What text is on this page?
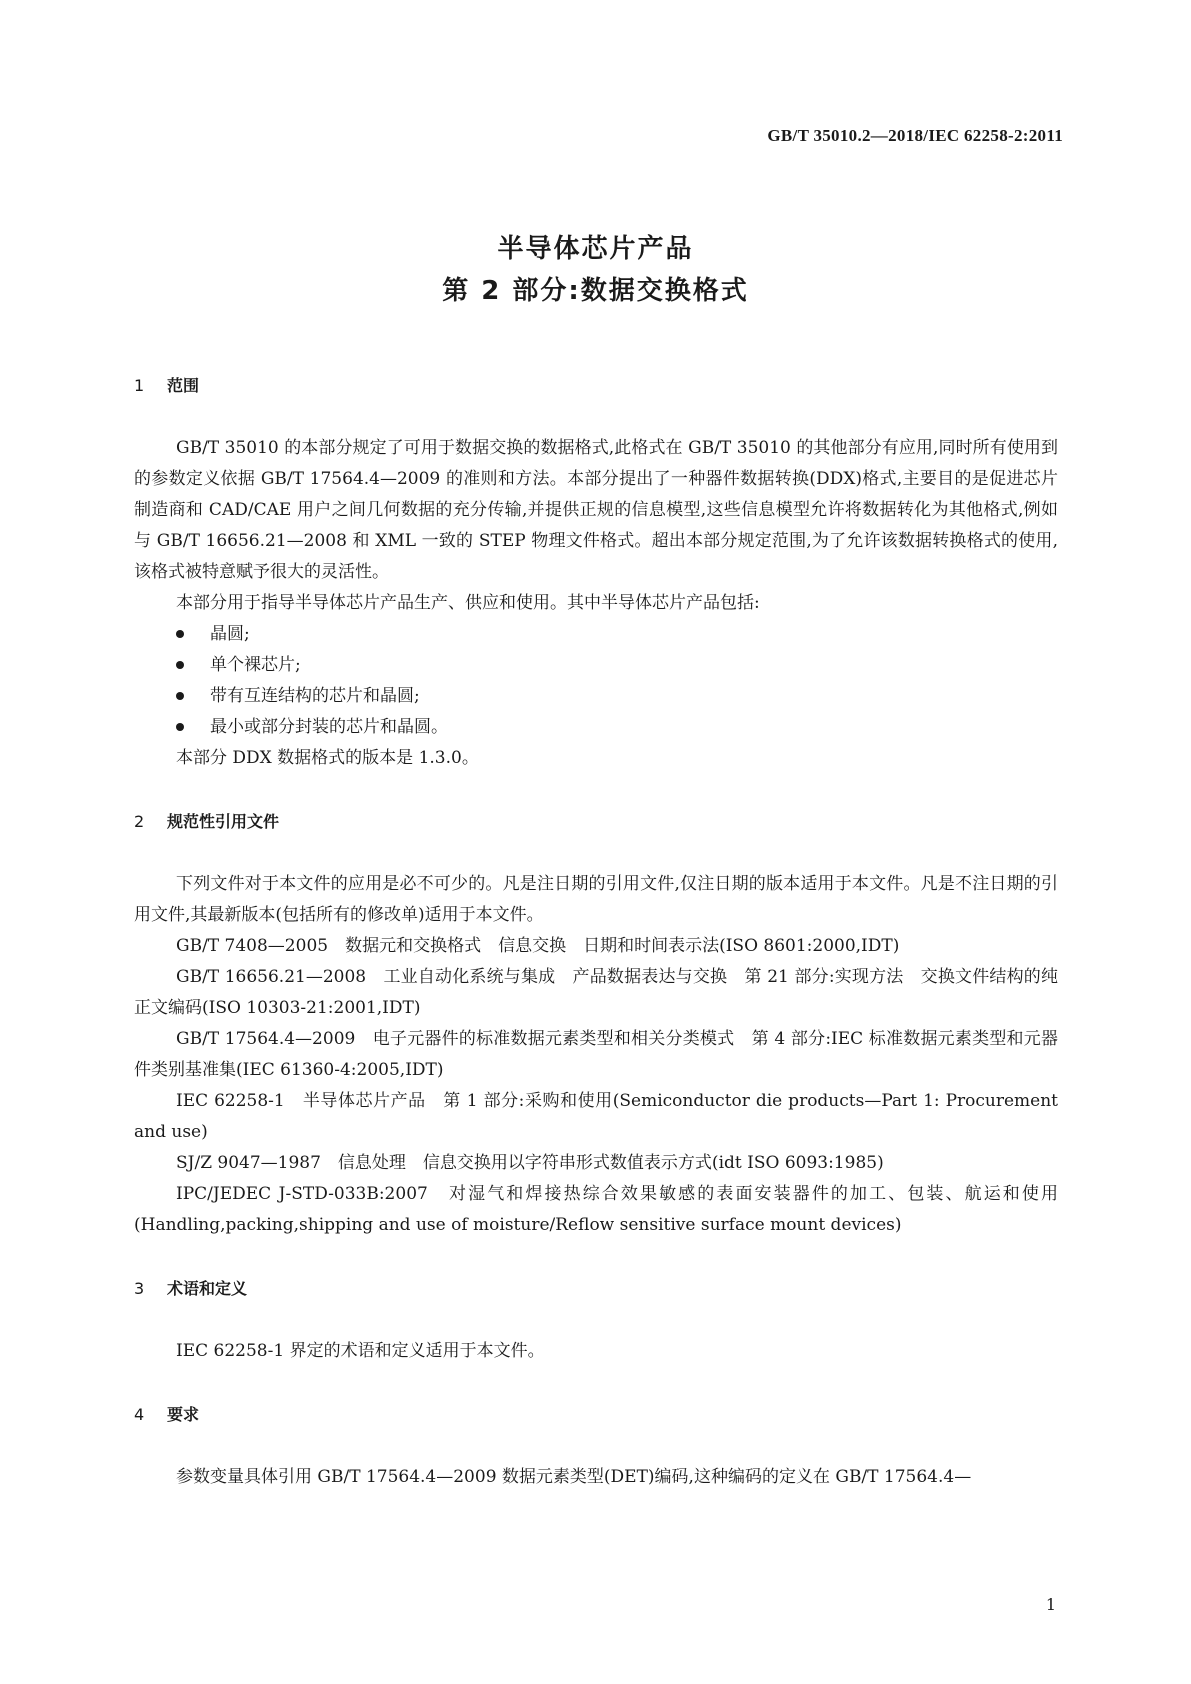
GB/T 35010.2—2018/IEC 62258-2:2011
半导体芯片产品
第 2 部分:数据交换格式
1 范围

GB/T 35010 的本部分规定了可用于数据交换的数据格式,此格式在 GB/T 35010 的其他部分有应用,同时所有使用到的参数定义依据 GB/T 17564.4—2009 的准则和方法。本部分提出了一种器件数据转换(DDX)格式,主要目的是促进芯片制造商和 CAD/CAE 用户之间几何数据的充分传输,并提供正规的信息模型,这些信息模型允许将数据转化为其他格式,例如与 GB/T 16656.21—2008 和 XML 一致的 STEP 物理文件格式。超出本部分规定范围,为了允许该数据转换格式的使用,该格式被特意赋予很大的灵活性。

本部分用于指导半导体芯片产品生产、供应和使用。其中半导体芯片产品包括:

晶圆;
单个裸芯片;
带有互连结构的芯片和晶圆;
最小或部分封装的芯片和晶圆。

本部分 DDX 数据格式的版本是 1.3.0。

2 规范性引用文件

下列文件对于本文件的应用是必不可少的。凡是注日期的引用文件,仅注日期的版本适用于本文件。凡是不注日期的引用文件,其最新版本(包括所有的修改单)适用于本文件。

GB/T 7408—2005　数据元和交换格式　信息交换　日期和时间表示法(ISO 8601:2000,IDT)

GB/T 16656.21—2008　工业自动化系统与集成　产品数据表达与交换　第 21 部分:实现方法　交换文件结构的纯正文编码(ISO 10303-21:2001,IDT)

GB/T 17564.4—2009　电子元器件的标准数据元素类型和相关分类模式　第 4 部分:IEC 标准数据元素类型和元器件类别基准集(IEC 61360-4:2005,IDT)

IEC 62258-1　半导体芯片产品　第 1 部分:采购和使用(Semiconductor die products—Part 1: Procurement and use)

SJ/Z 9047—1987　信息处理　信息交换用以字符串形式数值表示方式(idt ISO 6093:1985)

IPC/JEDEC J-STD-033B:2007　对湿气和焊接热综合效果敏感的表面安装器件的加工、包装、航运和使用(Handling,packing,shipping and use of moisture/Reflow sensitive surface mount devices)

3 术语和定义

IEC 62258-1 界定的术语和定义适用于本文件。

4 要求

参数变量具体引用 GB/T 17564.4—2009 数据元素类型(DET)编码,这种编码的定义在 GB/T 17564.4—

1
